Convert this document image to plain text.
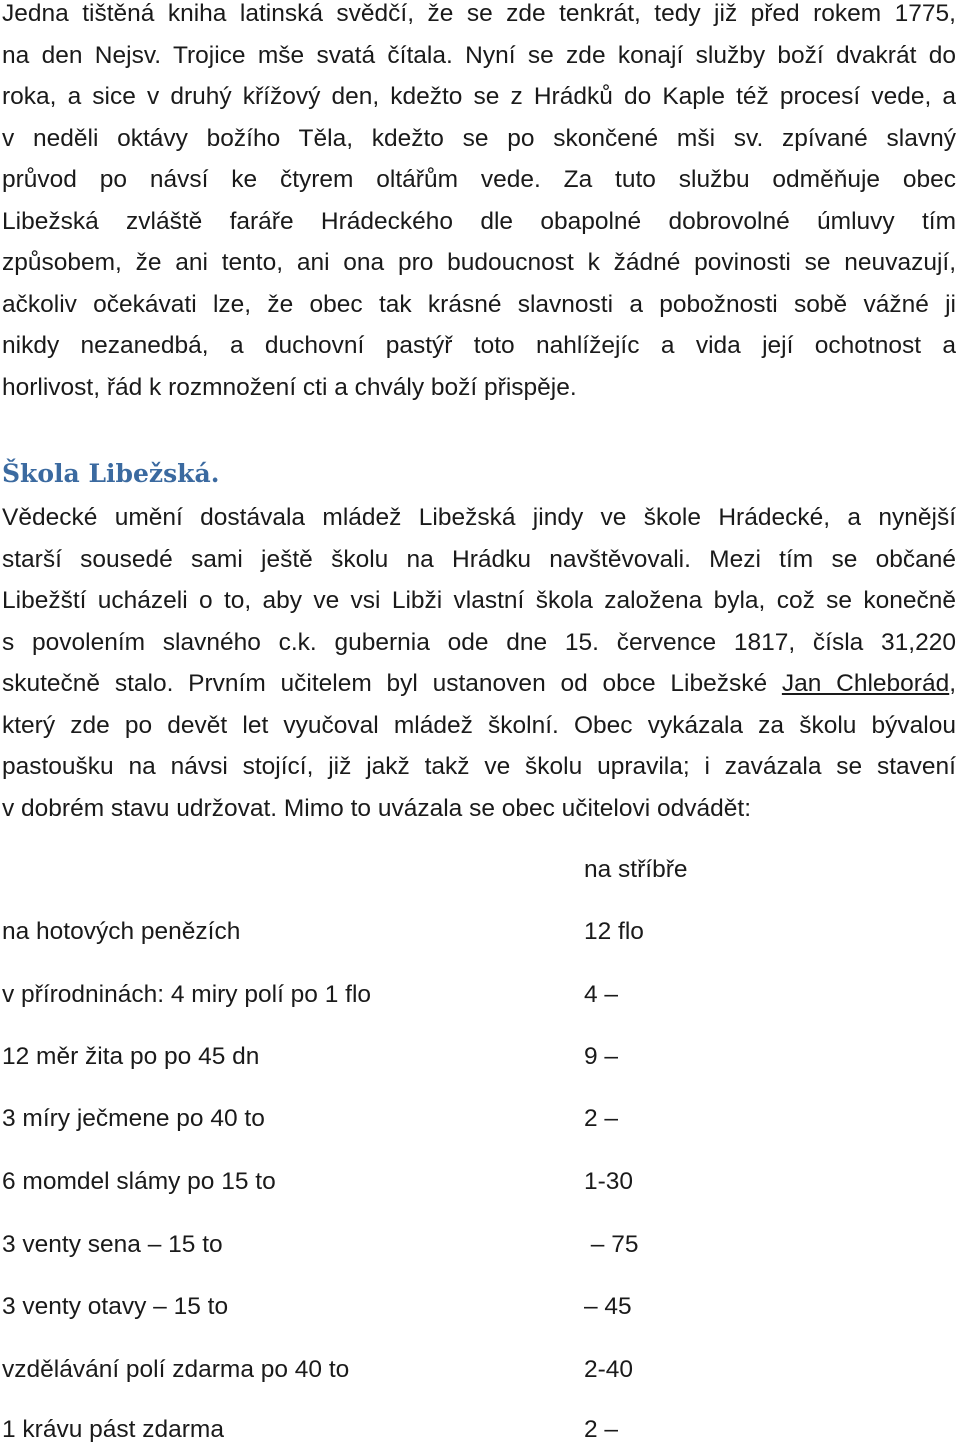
Jedna tištěná kniha latinská svědčí, že se zde tenkrát, tedy již před rokem 1775,
na den Nejsv. Trojice mše svatá čítala. Nyní se zde konají služby boží dvakrát do
roka, a sice v druhý křížový den, kdežto se z Hrádků do Kaple též procesí vede, a
v neděli oktávy božího Těla, kdežto se po skončené mši sv. zpívané slavný
průvod po návsí ke čtyrem oltářům vede. Za tuto službu odměňuje obec
Libežská zvláště faráře Hrádeckého dle obapolné dobrovolné úmluvy tím
způsobem, že ani tento, ani ona pro budoucnost k žádné povinosti se neuvazují,
ačkoliv očekávati lze, že obec tak krásné slavnosti a pobožnosti sobě vážné ji
nikdy nezanedbá, a duchovní pastýř toto nahlížejíc a vida její ochotnost a
horlivost, řád k rozmnožení cti a chvály boží přispěje.
Škola Libežská.
Vědecké umění dostávala mládež Libežská jindy ve škole Hrádecké, a nynější
starší sousedé sami ještě školu na Hrádku navštěvovali. Mezi tím se občané
Libežští ucházeli o to, aby ve vsi Libži vlastní škola založena byla, což se konečně
s povolením slavného c.k. gubernia ode dne 15. července 1817, čísla 31,220
skutečně stalo. Prvním učitelem byl ustanoven od obce Libežské Jan Chleborád,
který zde po devět let vyučoval mládež školní. Obec vykázala za školu bývalou
pastoušku na návsi stojící, již jakž takž ve školu upravila; i zavázala se stavení
v dobrém stavu udržovat. Mimo to uvázala se obec učitelovi odvádět:
na stříbře
na hotových penězích	12 flo
v přírodninách: 4 miry polí po 1 flo	4 –
12 měr žita po po 45 dn	9 –
3 míry ječmene po 40 to	2 –
6 momdel slámy po 15 to	1-30
3 venty sena – 15 to	– 75
3 venty otavy – 15 to	– 45
vzdělávání polí zdarma po 40 to	2-40
1 krávu pást zdarma	2 –
